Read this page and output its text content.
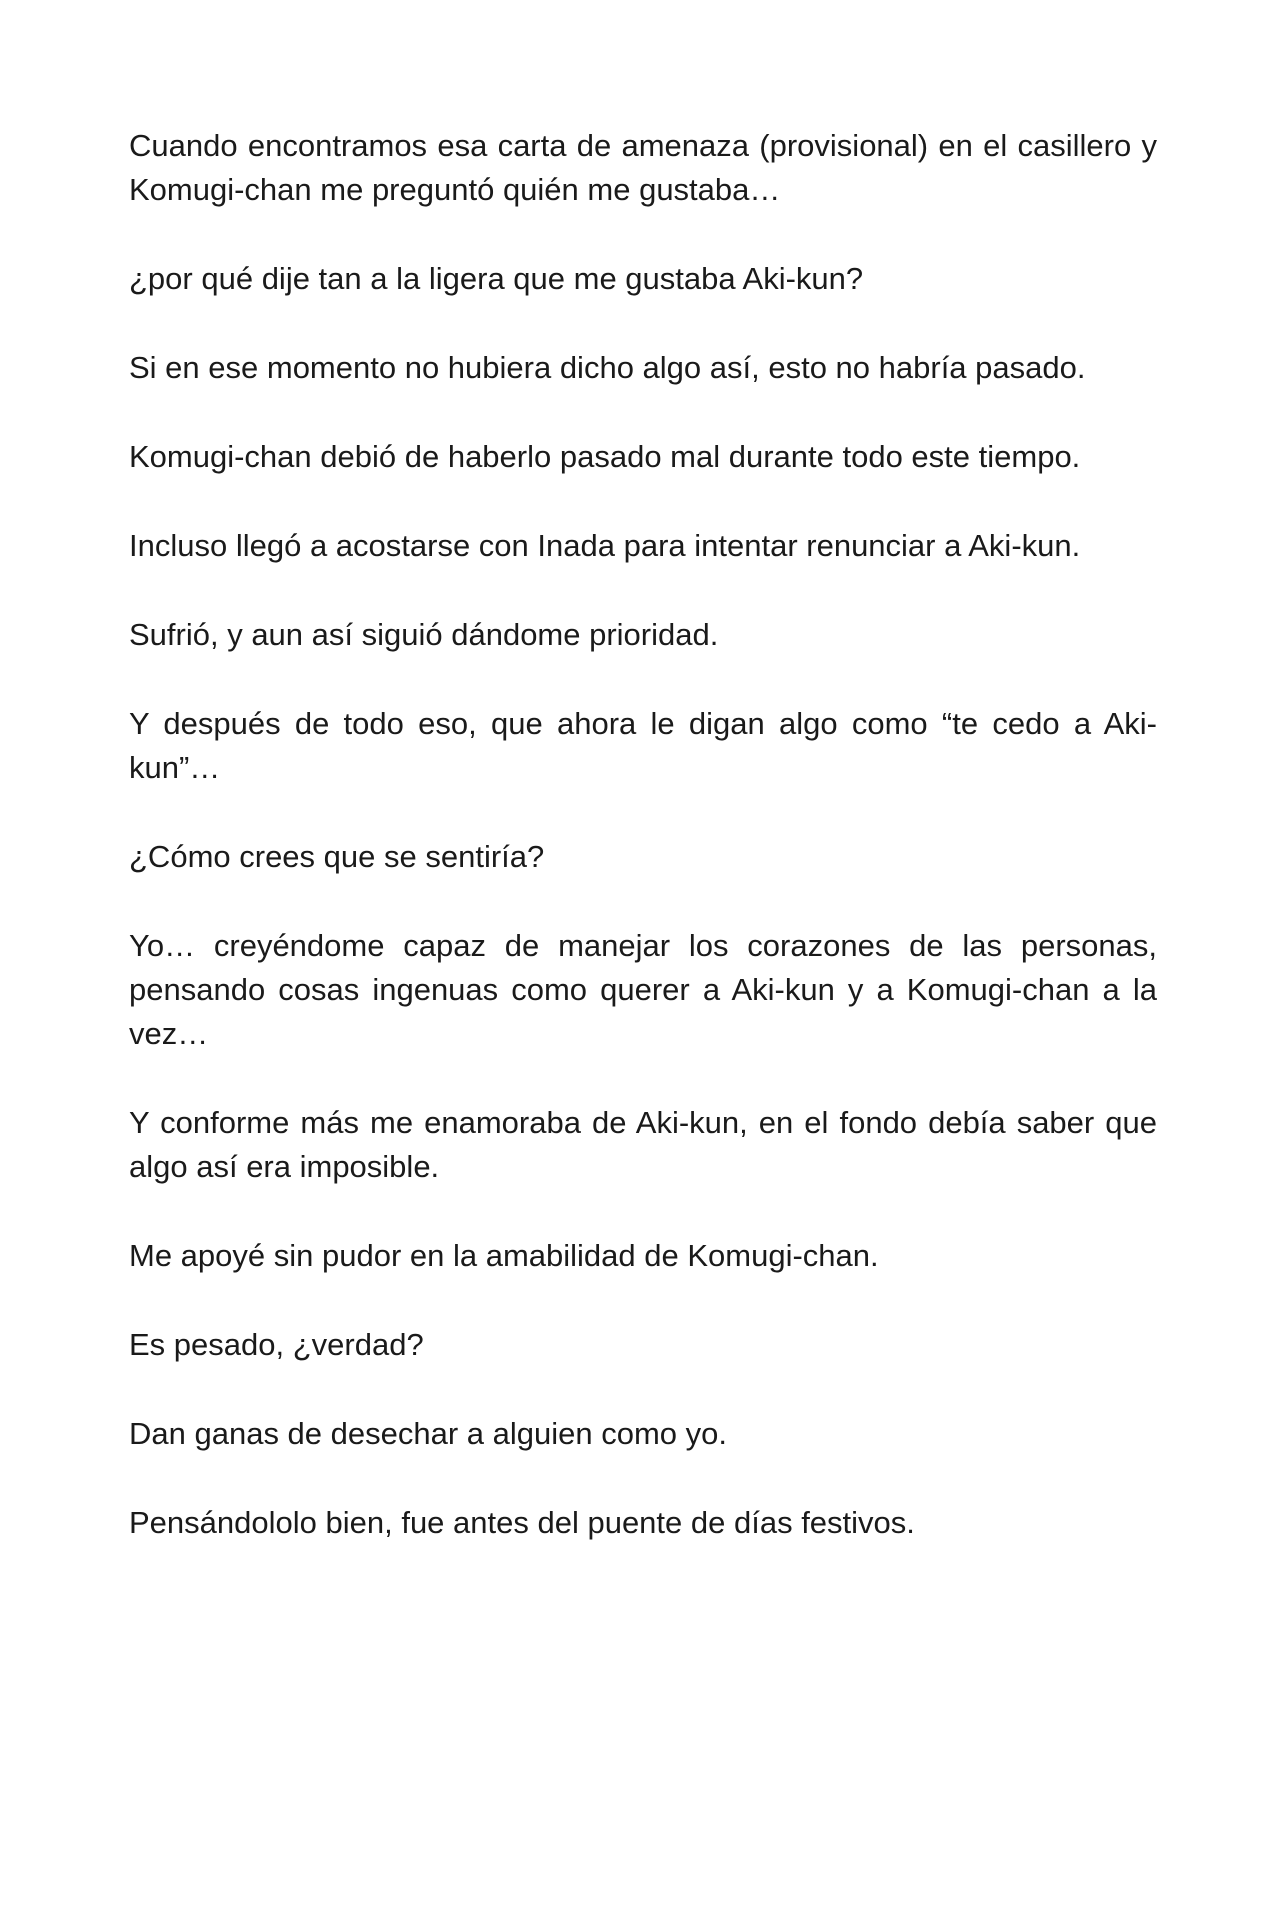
Cuando encontramos esa carta de amenaza (provisional) en el casillero y Komugi-chan me preguntó quién me gustaba…

¿por qué dije tan a la ligera que me gustaba Aki-kun?

Si en ese momento no hubiera dicho algo así, esto no habría pasado.

Komugi-chan debió de haberlo pasado mal durante todo este tiempo.

Incluso llegó a acostarse con Inada para intentar renunciar a Aki-kun.

Sufrió, y aun así siguió dándome prioridad.

Y después de todo eso, que ahora le digan algo como “te cedo a Aki-kun”…

¿Cómo crees que se sentiría?

Yo… creyéndome capaz de manejar los corazones de las personas, pensando cosas ingenuas como querer a Aki-kun y a Komugi-chan a la vez…

Y conforme más me enamoraba de Aki-kun, en el fondo debía saber que algo así era imposible.

Me apoyé sin pudor en la amabilidad de Komugi-chan.

Es pesado, ¿verdad?

Dan ganas de desechar a alguien como yo.

Pensándololo bien, fue antes del puente de días festivos.
